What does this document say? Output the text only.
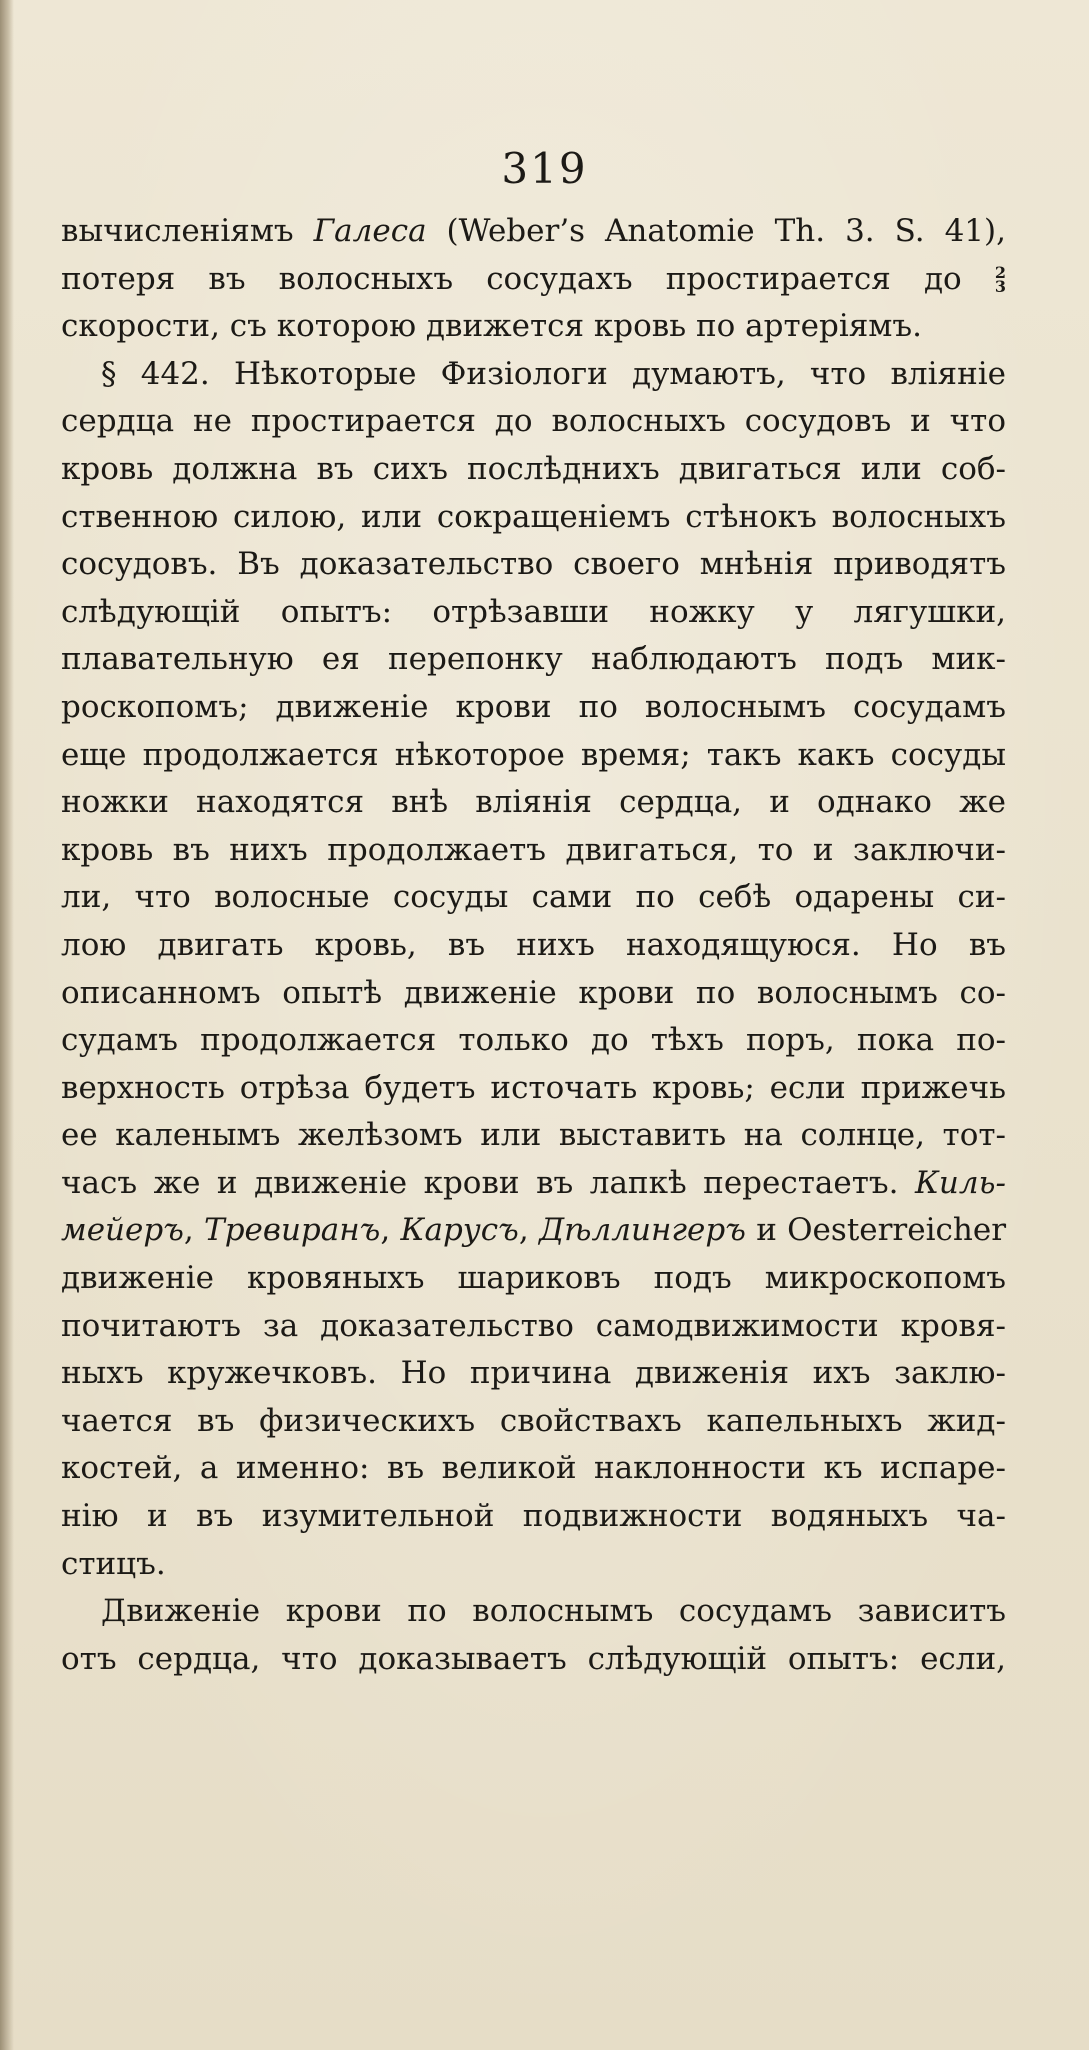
319
вычисленіямъ Галеса (Weber’s Anatomie Th. 3. S. 41),
потеря въ волосныхъ сосудахъ простирается до 2
3
скорости, съ которою движется кровь по артеріямъ.
§ 442. Нѣкоторые Физіологи думаютъ, что вліяніе
сердца не простирается до волосныхъ сосудовъ и что
кровь должна въ сихъ послѣднихъ двигаться или соб-
ственною силою, или сокращеніемъ стѣнокъ волосныхъ
сосудовъ. Въ доказательство своего мнѣнія приводятъ
слѣдующій опытъ: отрѣзавши ножку у лягушки,
плавательную ея перепонку наблюдаютъ подъ мик-
роскопомъ; движеніе крови по волоснымъ сосудамъ
еще продолжается нѣкоторое время; такъ какъ сосуды
ножки находятся внѣ вліянія сердца, и однако же
кровь въ нихъ продолжаетъ двигаться, то и заключи-
ли, что волосные сосуды сами по себѣ одарены си-
лою двигать кровь, въ нихъ находящуюся. Но въ
описанномъ опытѣ движеніе крови по волоснымъ со-
судамъ продолжается только до тѣхъ поръ, пока по-
верхность отрѣза будетъ источать кровь; если прижечь
ее каленымъ желѣзомъ или выставить на солнце, тот-
часъ же и движеніе крови въ лапкѣ перестаетъ. Киль-
мейеръ, Тревиранъ, Карусъ, Дѣллингеръ и Oesterreicher
движеніе кровяныхъ шариковъ подъ микроскопомъ
почитаютъ за доказательство самодвижимости кровя-
ныхъ кружечковъ. Но причина движенія ихъ заклю-
чается въ физическихъ свойствахъ капельныхъ жид-
костей, а именно: въ великой наклонности къ испаре-
нію и въ изумительной подвижности водяныхъ ча-
стицъ.
Движеніе крови по волоснымъ сосудамъ зависитъ
отъ сердца, что доказываетъ слѣдующій опытъ: если,
